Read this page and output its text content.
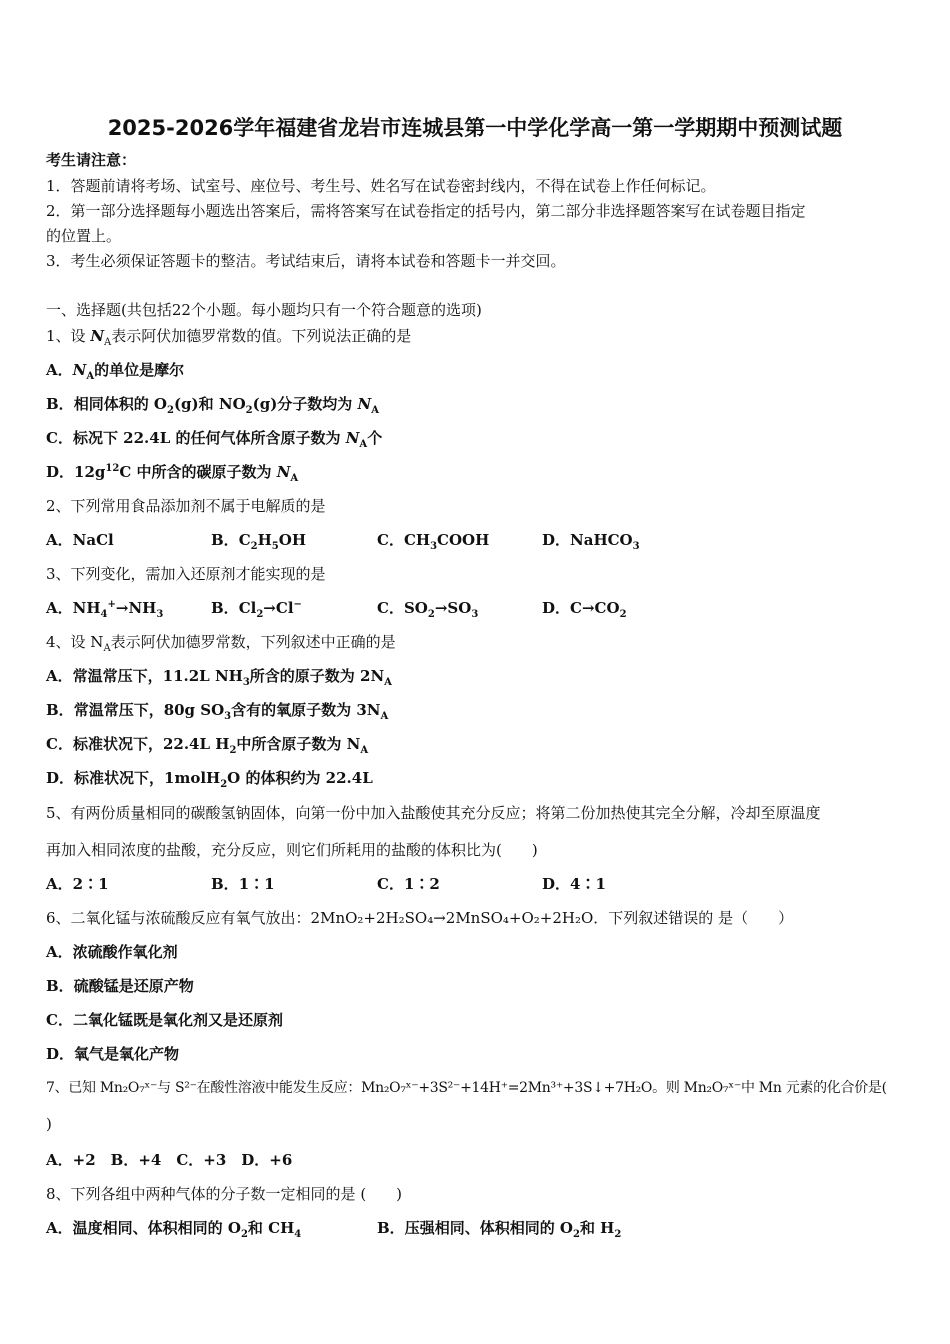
2025-2026学年福建省龙岩市连城县第一中学化学高一第一学期期中预测试题
考生请注意：
1．答题前请将考场、试室号、座位号、考生号、姓名写在试卷密封线内，不得在试卷上作任何标记。
2．第一部分选择题每小题选出答案后，需将答案写在试卷指定的括号内，第二部分非选择题答案写在试卷题目指定
的位置上。
3．考生必须保证答题卡的整洁。考试结束后，请将本试卷和答题卡一并交回。
一、选择题(共包括22个小题。每小题均只有一个符合题意的选项)
1、设 $N_A$表示阿伏加德罗常数的值。下列说法正确的是
A．$N_A$的单位是摩尔
B．相同体积的 $O_2(g)$和 $NO_2(g)$分子数均为 $N_A$
C．标况下 22.4L 的任何气体所含原子数为 $N_A$个
D．$12g^{12}C$ 中所含的碳原子数为 $N_A$
2、下列常用食品添加剂不属于电解质的是
A．NaCl	B．$C_2H_5OH$	C．$CH_3COOH$	D．NaHCO$_3$
3、下列变化，需加入还原剂才能实现的是
A．$NH_4^+\to NH_3$	B．$Cl_2\to Cl^-$	C．$SO_2\to SO_3$	D．$C\to CO_2$
4、设 $N_A$表示阿伏加德罗常数，下列叙述中正确的是
A．常温常压下，11.2L $NH_3$所含的原子数为 $2N_A$
B．常温常压下，80g $SO_3$含有的氧原子数为 $3N_A$
C．标准状况下，22.4L $H_2$中所含原子数为 $N_A$
D．标准状况下，1molH$_2$O 的体积约为 22.4L
5、有两份质量相同的碳酸氢钠固体，向第一份中加入盐酸使其充分反应；将第二份加热使其完全分解，冷却至原温度
再加入相同浓度的盐酸，充分反应，则它们所耗用的盐酸的体积比为(　　)
A．2∶1	B．1∶1	C．1∶2	D．4∶1
6、二氧化锰与浓硫酸反应有氧气放出：2MnO₂+2H₂SO₄→2MnSO₄+O₂+2H₂O．下列叙述错误的 是（　　）
A．浓硫酸作氧化剂
B．硫酸锰是还原产物
C．二氧化锰既是氧化剂又是还原剂
D．氧气是氧化产物
7、已知 Mn₂O₇ˣ⁻与 S²⁻在酸性溶液中能发生反应：Mn₂O₇ˣ⁻+3S²⁻+14H⁺=2Mn³⁺+3S↓+7H₂O。则 Mn₂O₇ˣ⁻中 Mn 元素的化合价是(
)
A．+2　B．+4　C．+3　D．+6
8、下列各组中两种气体的分子数一定相同的是 (　　)
A．温度相同、体积相同的 $O_2$和 $CH_4$	B．压强相同、体积相同的 $O_2$和 $H_2$
